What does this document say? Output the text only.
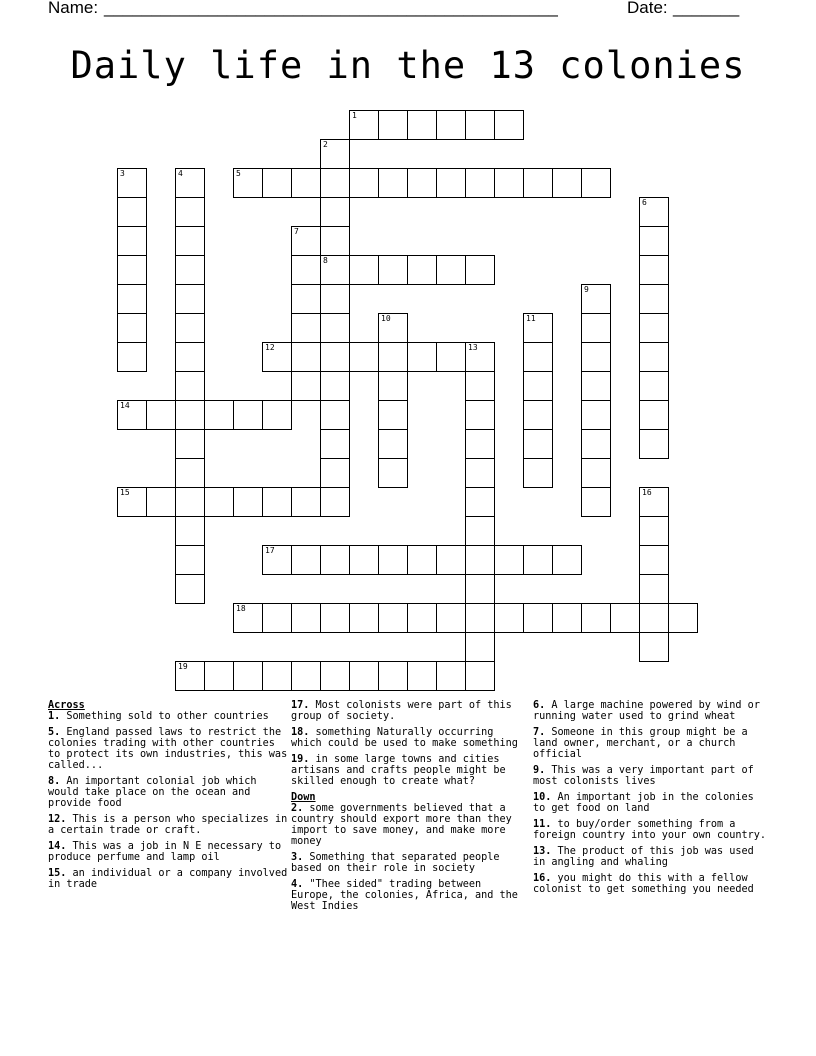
Name:

________________________________________________

	Date:

_______

Daily life in the 13 colonies
1
2
8
3	4	5
6
7
9
10	11
12	13
14
15	16
17
18
19
Across
1. Something sold to other countries
5. England passed laws to restrict the colonies trading with other countries to protect its own industries, this was called...
8. An important colonial job which would take place on the ocean and provide food
12. This is a person who specializes in a certain trade or craft.
14. This was a job in N E necessary to produce perfume and lamp oil
15. an individual or a company involved in trade
17. Most colonists were part of this group of society.
18. something Naturally occurring which could be used to make something
19. in some large towns and cities artisans and crafts people might be skilled enough to create what?
Down
2. some governments believed that a country should export more than they import to save money, and make more money
3. Something that separated people based on their role in society
4. "Thee sided" trading between Europe, the colonies, Africa, and the West Indies
6. A large machine powered by wind or running water used to grind wheat
7. Someone in this group might be a land owner, merchant, or a church official
9. This was a very important part of most colonists lives
10. An important job in the colonies to get food on land
11. to buy/order something from a foreign country into your own country.
13. The product of this job was used in angling and whaling
16. you might do this with a fellow colonist to get something you needed
